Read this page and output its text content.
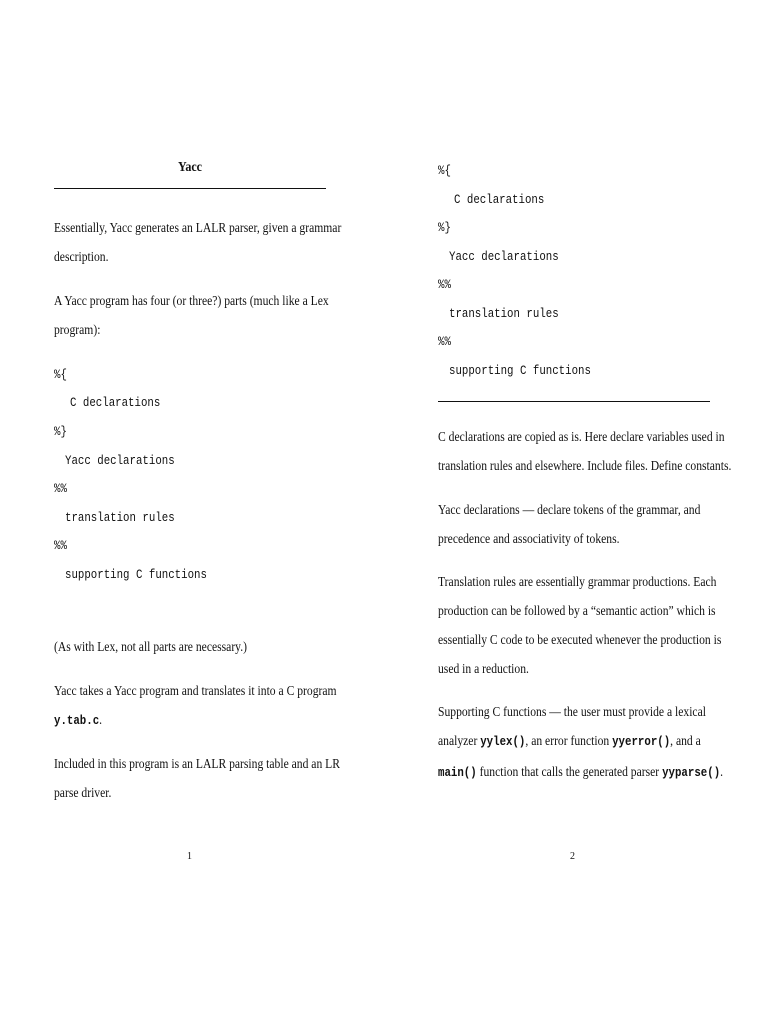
Yacc
Essentially, Yacc generates an LALR parser, given a grammar
description.
A Yacc program has four (or three?) parts (much like a Lex
program):
%{
C declarations
%}
Yacc declarations
%%
translation rules
%%
supporting C functions
(As with Lex, not all parts are necessary.)
Yacc takes a Yacc program and translates it into a C program
y.tab.c.
Included in this program is an LALR parsing table and an LR
parse driver.
1
%{
C declarations
%}
Yacc declarations
%%
translation rules
%%
supporting C functions
C declarations are copied as is. Here declare variables used in
translation rules and elsewhere. Include files. Define constants.
Yacc declarations — declare tokens of the grammar, and
precedence and associativity of tokens.
Translation rules are essentially grammar productions. Each
production can be followed by a “semantic action” which is
essentially C code to be executed whenever the production is
used in a reduction.
Supporting C functions — the user must provide a lexical
analyzer yylex(), an error function yyerror(), and a
main() function that calls the generated parser yyparse().
2
